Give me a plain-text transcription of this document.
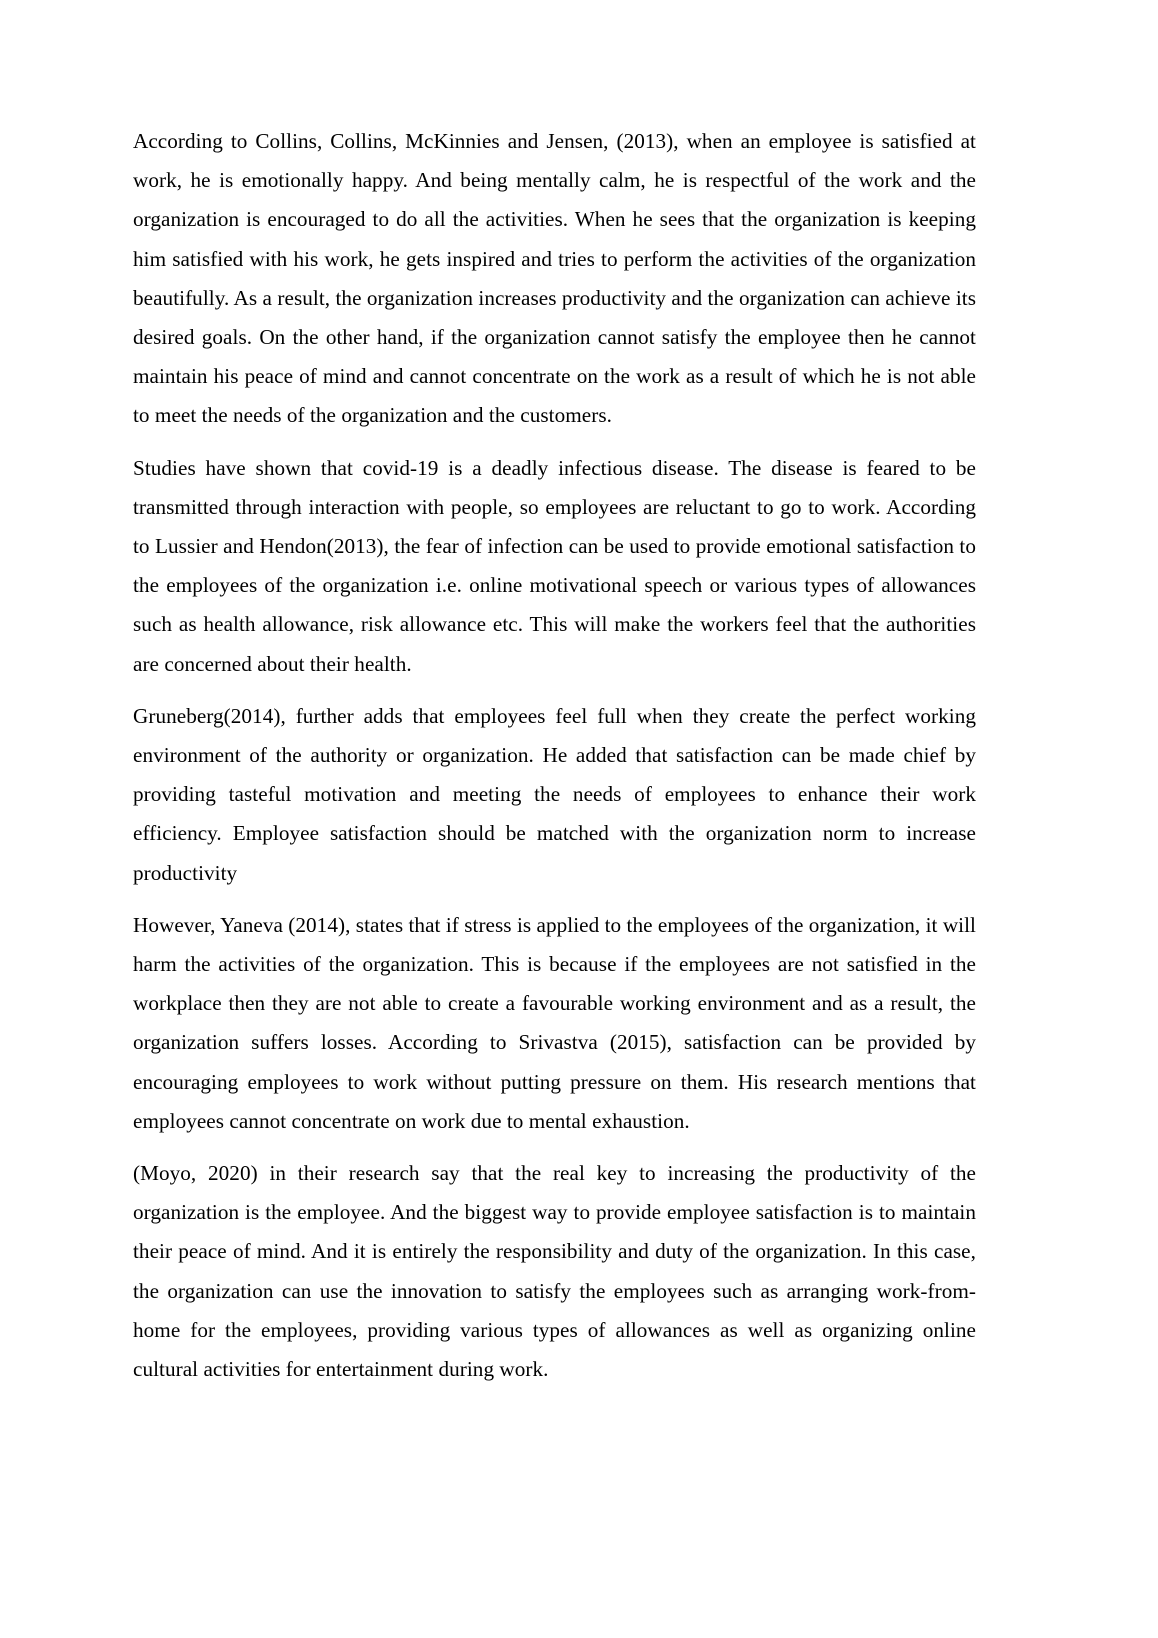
According to Collins, Collins, McKinnies and Jensen, (2013), when an employee is satisfied at work, he is emotionally happy. And being mentally calm, he is respectful of the work and the organization is encouraged to do all the activities. When he sees that the organization is keeping him satisfied with his work, he gets inspired and tries to perform the activities of the organization beautifully. As a result, the organization increases productivity and the organization can achieve its desired goals. On the other hand, if the organization cannot satisfy the employee then he cannot maintain his peace of mind and cannot concentrate on the work as a result of which he is not able to meet the needs of the organization and the customers.

Studies have shown that covid-19 is a deadly infectious disease. The disease is feared to be transmitted through interaction with people, so employees are reluctant to go to work. According to Lussier and Hendon(2013), the fear of infection can be used to provide emotional satisfaction to the employees of the organization i.e. online motivational speech or various types of allowances such as health allowance, risk allowance etc. This will make the workers feel that the authorities are concerned about their health.

Gruneberg(2014), further adds that employees feel full when they create the perfect working environment of the authority or organization. He added that satisfaction can be made chief by providing tasteful motivation and meeting the needs of employees to enhance their work efficiency. Employee satisfaction should be matched with the organization norm to increase productivity

However, Yaneva (2014), states that if stress is applied to the employees of the organization, it will harm the activities of the organization. This is because if the employees are not satisfied in the workplace then they are not able to create a favourable working environment and as a result, the organization suffers losses. According to Srivastva (2015), satisfaction can be provided by encouraging employees to work without putting pressure on them. His research mentions that employees cannot concentrate on work due to mental exhaustion.

(Moyo, 2020) in their research say that the real key to increasing the productivity of the organization is the employee. And the biggest way to provide employee satisfaction is to maintain their peace of mind. And it is entirely the responsibility and duty of the organization. In this case, the organization can use the innovation to satisfy the employees such as arranging work-from-home for the employees, providing various types of allowances as well as organizing online cultural activities for entertainment during work.
